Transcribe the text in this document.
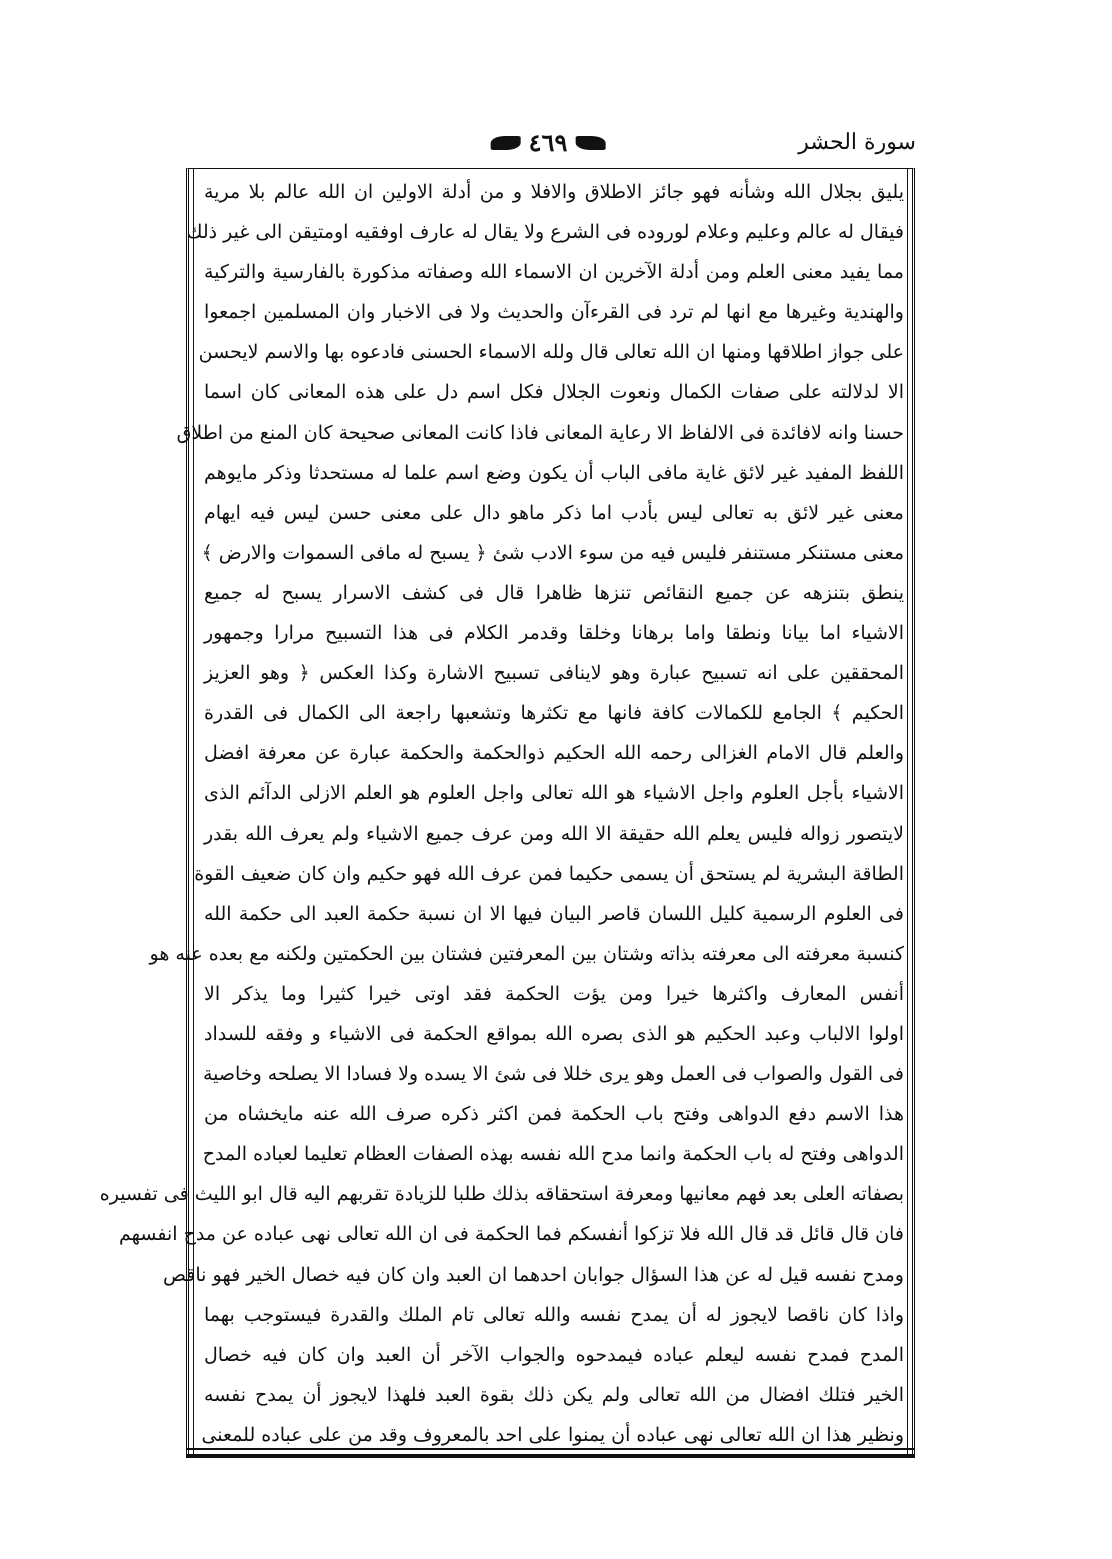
سورة الحشر
٤٦٩
يليق بجلال الله وشأنه فهو جائز الاطلاق والافلا و من أدلة الاولين ان الله عالم بلا مرية
فيقال له عالم وعليم وعلام لوروده فى الشرع ولا يقال له عارف اوفقيه اومتيقن الى غير ذلك
مما يفيد معنى العلم ومن أدلة الآخرين ان الاسماء الله وصفاته مذكورة بالفارسية والتركية
والهندية وغيرها مع انها لم ترد فى القرءآن والحديث ولا فى الاخبار وان المسلمين اجمعوا
على جواز اطلاقها ومنها ان الله تعالى قال ولله الاسماء الحسنى فادعوه بها والاسم لايحسن
الا لدلالته على صفات الكمال ونعوت الجلال فكل اسم دل على هذه المعانى كان اسما
حسنا وانه لافائدة فى الالفاظ الا رعاية المعانى فاذا كانت المعانى صحيحة كان المنع من اطلاق
اللفظ المفيد غير لائق غاية مافى الباب أن يكون وضع اسم علما له مستحدثا وذكر مايوهم
معنى غير لائق به تعالى ليس بأدب اما ذكر ماهو دال على معنى حسن ليس فيه ايهام
معنى مستنكر مستنفر فليس فيه من سوء الادب شئ ﴿ يسبح له مافى السموات والارض ﴾
ينطق بتنزهه عن جميع النقائص تنزها ظاهرا قال فى كشف الاسرار يسبح له جميع
الاشياء اما بيانا ونطقا واما برهانا وخلقا وقدمر الكلام فى هذا التسبيح مرارا وجمهور
المحققين على انه تسبيح عبارة وهو لاينافى تسبيح الاشارة وكذا العكس ﴿ وهو العزيز
الحكيم ﴾ الجامع للكمالات كافة فانها مع تكثرها وتشعبها راجعة الى الكمال فى القدرة
والعلم قال الامام الغزالى رحمه الله الحكيم ذوالحكمة والحكمة عبارة عن معرفة افضل
الاشياء بأجل العلوم واجل الاشياء هو الله تعالى واجل العلوم هو العلم الازلى الدآئم الذى
لايتصور زواله فليس يعلم الله حقيقة الا الله ومن عرف جميع الاشياء ولم يعرف الله بقدر
الطاقة البشرية لم يستحق أن يسمى حكيما فمن عرف الله فهو حكيم وان كان ضعيف القوة
فى العلوم الرسمية كليل اللسان قاصر البيان فيها الا ان نسبة حكمة العبد الى حكمة الله
كنسبة معرفته الى معرفته بذاته وشتان بين المعرفتين فشتان بين الحكمتين ولكنه مع بعده عنه هو
أنفس المعارف واكثرها خيرا ومن يؤت الحكمة فقد اوتى خيرا كثيرا وما يذكر الا
اولوا الالباب وعبد الحكيم هو الذى بصره الله بمواقع الحكمة فى الاشياء و وفقه للسداد
فى القول والصواب فى العمل وهو يرى خللا فى شئ الا يسده ولا فسادا الا يصلحه وخاصية
هذا الاسم دفع الدواهى وفتح باب الحكمة فمن اكثر ذكره صرف الله عنه مايخشاه من
الدواهى وفتح له باب الحكمة وانما مدح الله نفسه بهذه الصفات العظام تعليما لعباده المدح
بصفاته العلى بعد فهم معانيها ومعرفة استحقاقه بذلك طلبا للزيادة تقربهم اليه قال ابو الليث فى تفسيره
فان قال قائل قد قال الله فلا تزكوا أنفسكم فما الحكمة فى ان الله تعالى نهى عباده عن مدح انفسهم
ومدح نفسه قيل له عن هذا السؤال جوابان احدهما ان العبد وان كان فيه خصال الخير فهو ناقص
واذا كان ناقصا لايجوز له أن يمدح نفسه والله تعالى تام الملك والقدرة فيستوجب بهما
المدح فمدح نفسه ليعلم عباده فيمدحوه والجواب الآخر أن العبد وان كان فيه خصال
الخير فتلك افضال من الله تعالى ولم يكن ذلك بقوة العبد فلهذا لايجوز أن يمدح نفسه
ونظير هذا ان الله تعالى نهى عباده أن يمنوا على احد بالمعروف وقد من على عباده للمعنى
